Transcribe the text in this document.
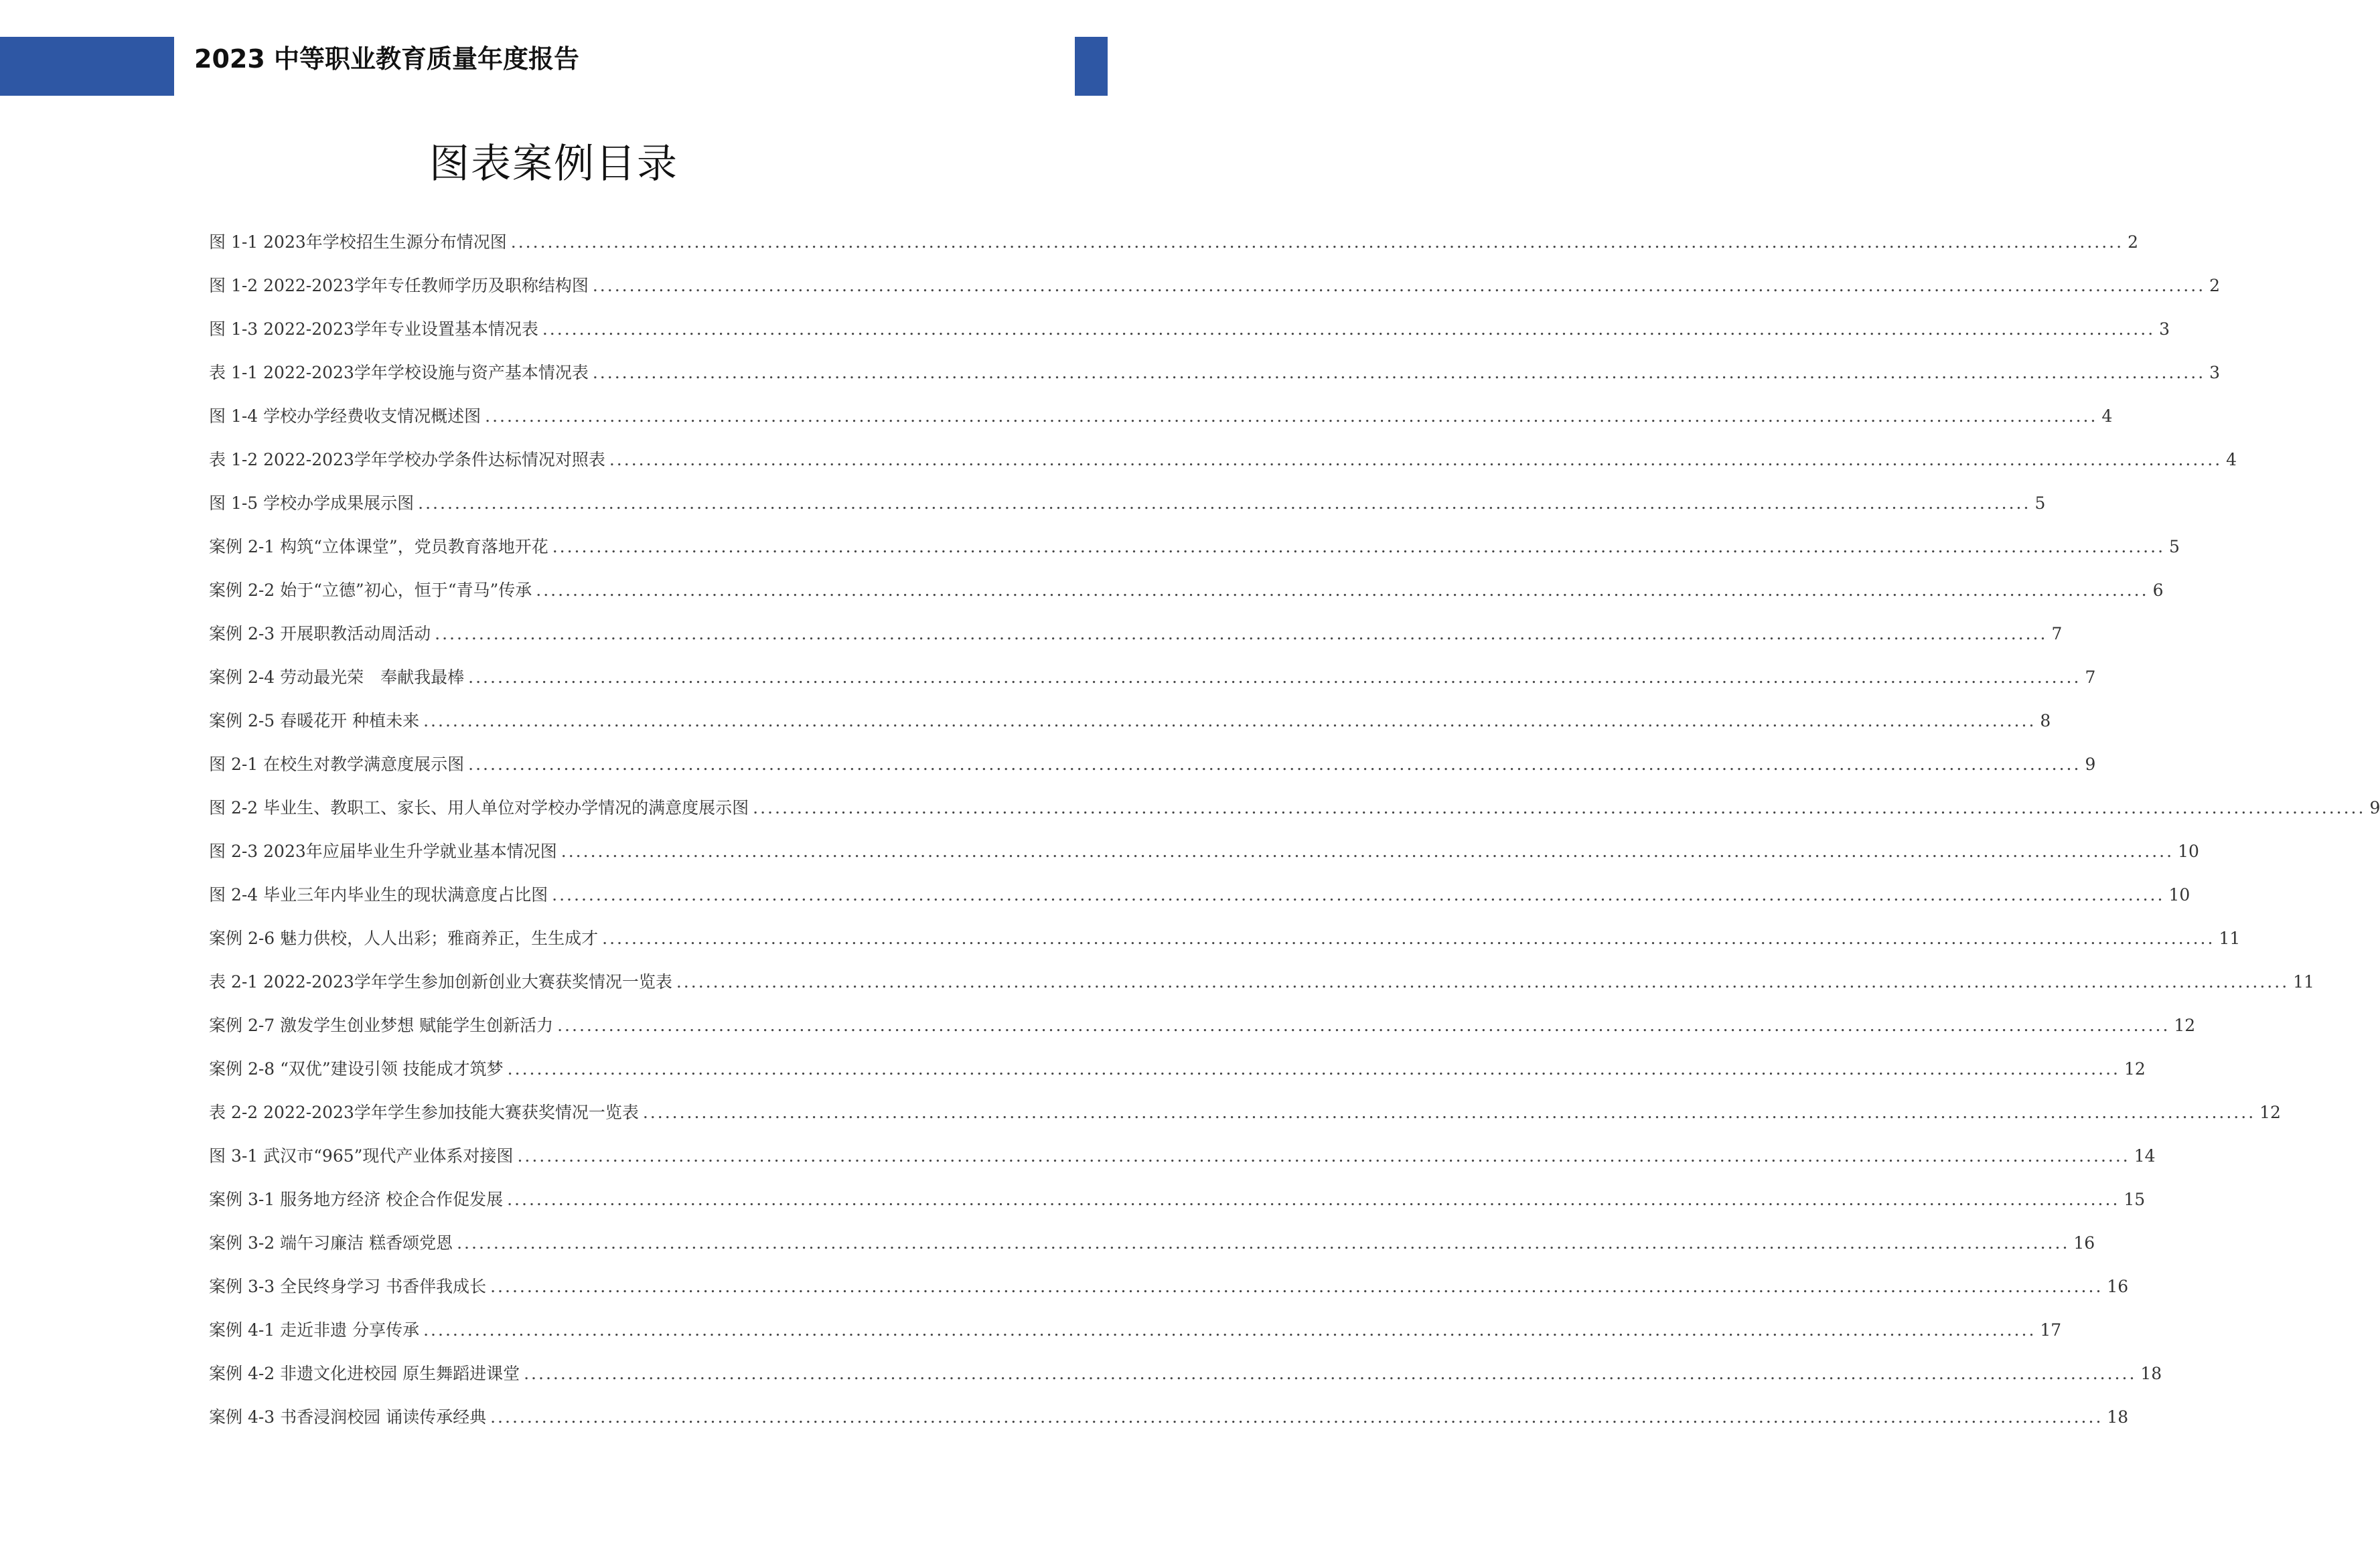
2023 中等职业教育质量年度报告
图表案例目录
图 1-1 2023年学校招生生源分布情况图 ............................................................................................................................................................................................................................ 2
图 1-2 2022-2023学年专任教师学历及职称结构图 ............................................................................................................................................................................................................................ 2
图 1-3 2022-2023学年专业设置基本情况表 ............................................................................................................................................................................................................................ 3
表 1-1 2022-2023学年学校设施与资产基本情况表 ............................................................................................................................................................................................................................ 3
图 1-4 学校办学经费收支情况概述图 ............................................................................................................................................................................................................................ 4
表 1-2 2022-2023学年学校办学条件达标情况对照表 ............................................................................................................................................................................................................................ 4
图 1-5 学校办学成果展示图 ............................................................................................................................................................................................................................ 5
案例 2-1 构筑“立体课堂”，党员教育落地开花 ............................................................................................................................................................................................................................ 5
案例 2-2 始于“立德”初心，恒于“青马”传承 ............................................................................................................................................................................................................................ 6
案例 2-3 开展职教活动周活动 ............................................................................................................................................................................................................................ 7
案例 2-4 劳动最光荣　奉献我最棒 ............................................................................................................................................................................................................................ 7
案例 2-5 春暖花开 种植未来 ............................................................................................................................................................................................................................ 8
图 2-1 在校生对教学满意度展示图 ............................................................................................................................................................................................................................ 9
图 2-2 毕业生、教职工、家长、用人单位对学校办学情况的满意度展示图 ............................................................................................................................................................................................................................ 9
图 2-3 2023年应届毕业生升学就业基本情况图 ............................................................................................................................................................................................................................ 10
图 2-4 毕业三年内毕业生的现状满意度占比图 ............................................................................................................................................................................................................................ 10
案例 2-6 魅力供校，人人出彩；雅商养正，生生成才 ............................................................................................................................................................................................................................ 11
表 2-1 2022-2023学年学生参加创新创业大赛获奖情况一览表 ............................................................................................................................................................................................................................ 11
案例 2-7 激发学生创业梦想 赋能学生创新活力 ............................................................................................................................................................................................................................ 12
案例 2-8 “双优”建设引领 技能成才筑梦 ............................................................................................................................................................................................................................ 12
表 2-2 2022-2023学年学生参加技能大赛获奖情况一览表 ............................................................................................................................................................................................................................ 12
图 3-1 武汉市“965”现代产业体系对接图 ............................................................................................................................................................................................................................ 14
案例 3-1 服务地方经济 校企合作促发展 ............................................................................................................................................................................................................................ 15
案例 3-2 端午习廉洁 糕香颂党恩 ............................................................................................................................................................................................................................ 16
案例 3-3 全民终身学习 书香伴我成长 ............................................................................................................................................................................................................................ 16
案例 4-1 走近非遗 分享传承 ............................................................................................................................................................................................................................ 17
案例 4-2 非遗文化进校园 原生舞蹈进课堂 ............................................................................................................................................................................................................................ 18
案例 4-3 书香浸润校园 诵读传承经典 ............................................................................................................................................................................................................................ 18
